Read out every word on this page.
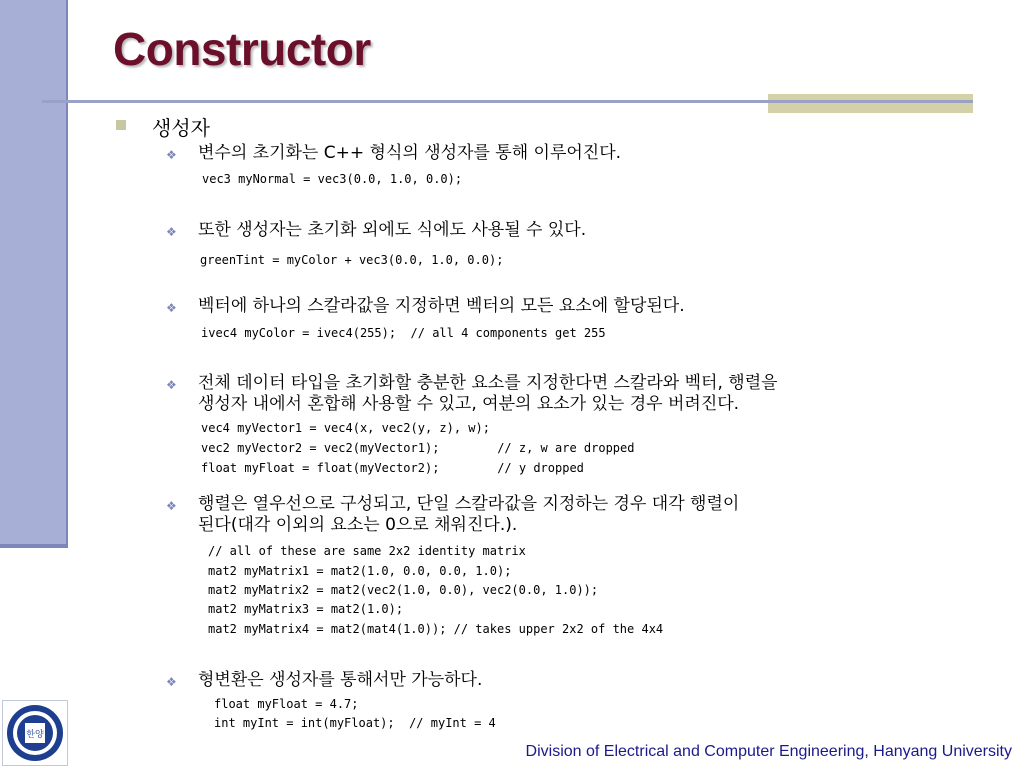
Constructor
생성자
❖ 변수의 초기화는 C++ 형식의 생성자를 통해 이루어진다.
vec3 myNormal = vec3(0.0, 1.0, 0.0);
❖ 또한 생성자는 초기화 외에도 식에도 사용될 수 있다.
greenTint = myColor + vec3(0.0, 1.0, 0.0);
❖ 벡터에 하나의 스칼라값을 지정하면 벡터의 모든 요소에 할당된다.
ivec4 myColor = ivec4(255);  // all 4 components get 255
❖ 전체 데이터 타입을 초기화할 충분한 요소를 지정한다면 스칼라와 벡터, 행렬을
생성자 내에서 혼합해 사용할 수 있고, 여분의 요소가 있는 경우 버려진다.
vec4 myVector1 = vec4(x, vec2(y, z), w);
vec2 myVector2 = vec2(myVector1);        // z, w are dropped
float myFloat = float(myVector2);        // y dropped
❖ 행렬은 열우선으로 구성되고, 단일 스칼라값을 지정하는 경우 대각 행렬이
된다(대각 이외의 요소는 0으로 채워진다.).
// all of these are same 2x2 identity matrix
mat2 myMatrix1 = mat2(1.0, 0.0, 0.0, 1.0);
mat2 myMatrix2 = mat2(vec2(1.0, 0.0), vec2(0.0, 1.0));
mat2 myMatrix3 = mat2(1.0);
mat2 myMatrix4 = mat2(mat4(1.0)); // takes upper 2x2 of the 4x4
❖ 형변환은 생성자를 통해서만 가능하다.
float myFloat = 4.7;
int myInt = int(myFloat);  // myInt = 4
한양
Division of Electrical and Computer Engineering, Hanyang University
